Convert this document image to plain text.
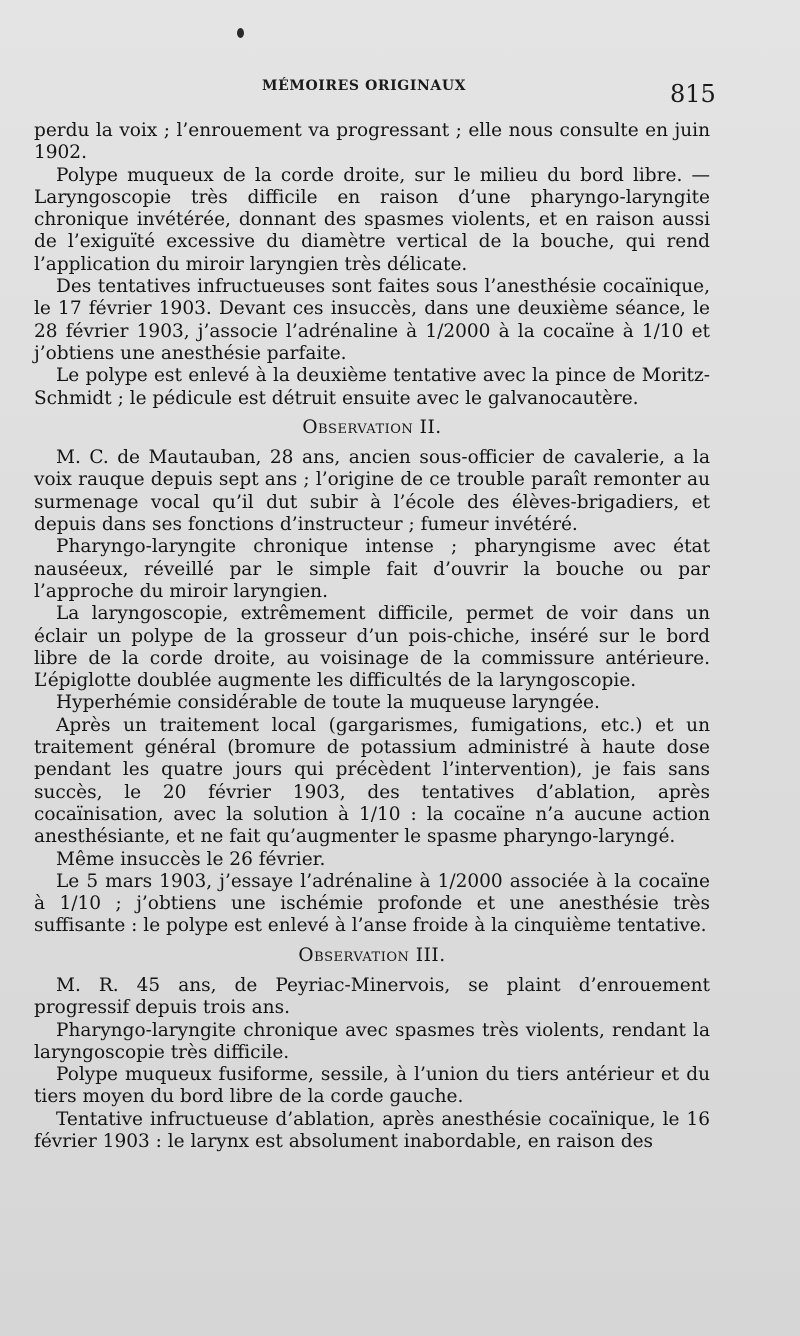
MÉMOIRES ORIGINAUX	815

perdu la voix ; l’enrouement va progressant ; elle nous consulte en juin 1902.

Polype muqueux de la corde droite, sur le milieu du bord libre. — Laryngoscopie très difficile en raison d’une pharyngo-laryngite chronique invétérée, donnant des spasmes violents, et en raison aussi de l’exiguïté excessive du diamètre vertical de la bouche, qui rend l’application du miroir laryngien très délicate.

Des tentatives infructueuses sont faites sous l’anesthésie cocaïnique, le 17 février 1903. Devant ces insuccès, dans une deuxième séance, le 28 février 1903, j’associe l’adrénaline à 1/2000 à la cocaïne à 1/10 et j’obtiens une anesthésie parfaite.

Le polype est enlevé à la deuxième tentative avec la pince de Moritz-Schmidt ; le pédicule est détruit ensuite avec le galvanocautère.

Observation II.

M. C. de Mautauban, 28 ans, ancien sous-officier de cavalerie, a la voix rauque depuis sept ans ; l’origine de ce trouble paraît remonter au surmenage vocal qu’il dut subir à l’école des élèves-brigadiers, et depuis dans ses fonctions d’instructeur ; fumeur invétéré.

Pharyngo-laryngite chronique intense ; pharyngisme avec état nauséeux, réveillé par le simple fait d’ouvrir la bouche ou par l’approche du miroir laryngien.

La laryngoscopie, extrêmement difficile, permet de voir dans un éclair un polype de la grosseur d’un pois-chiche, inséré sur le bord libre de la corde droite, au voisinage de la commissure antérieure. L’épiglotte doublée augmente les difficultés de la laryngoscopie.

Hyperhémie considérable de toute la muqueuse laryngée.

Après un traitement local (gargarismes, fumigations, etc.) et un traitement général (bromure de potassium administré à haute dose pendant les quatre jours qui précèdent l’intervention), je fais sans succès, le 20 février 1903, des tentatives d’ablation, après cocaïnisation, avec la solution à 1/10 : la cocaïne n’a aucune action anesthésiante, et ne fait qu’augmenter le spasme pharyngo-laryngé.

Même insuccès le 26 février.

Le 5 mars 1903, j’essaye l’adrénaline à 1/2000 associée à la cocaïne à 1/10 ; j’obtiens une ischémie profonde et une anesthésie très suffisante : le polype est enlevé à l’anse froide à la cinquième tentative.

Observation III.

M. R. 45 ans, de Peyriac-Minervois, se plaint d’enrouement progressif depuis trois ans.

Pharyngo-laryngite chronique avec spasmes très violents, rendant la laryngoscopie très difficile.

Polype muqueux fusiforme, sessile, à l’union du tiers antérieur et du tiers moyen du bord libre de la corde gauche.

Tentative infructueuse d’ablation, après anesthésie cocaïnique, le 16 février 1903 : le larynx est absolument inabordable, en raison des
